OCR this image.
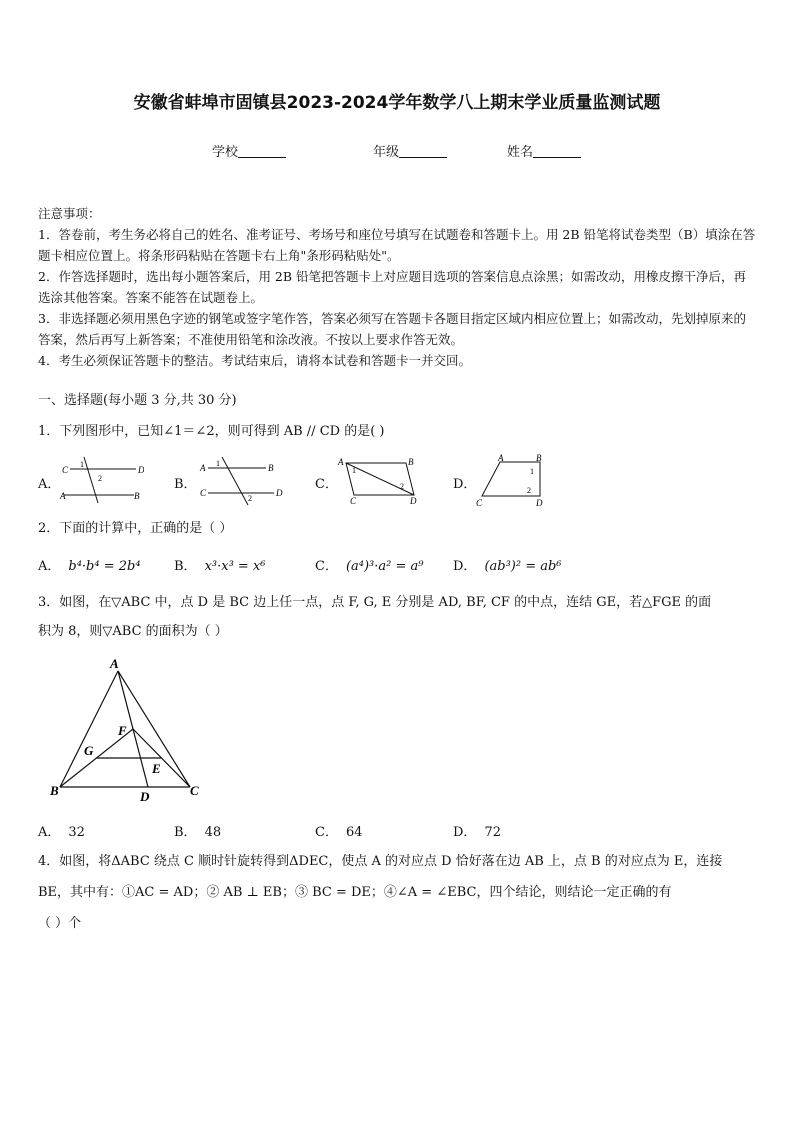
安徽省蚌埠市固镇县2023-2024学年数学八上期末学业质量监测试题
学校	年级	姓名

注意事项：

1．答卷前，考生务必将自己的姓名、准考证号、考场号和座位号填写在试题卷和答题卡上。用 2B 铅笔将试卷类型（B）填涂在答题卡相应位置上。将条形码粘贴在答题卡右上角"条形码粘贴处"。

2．作答选择题时，选出每小题答案后，用 2B 铅笔把答题卡上对应题目选项的答案信息点涂黑；如需改动，用橡皮擦干净后，再选涂其他答案。答案不能答在试题卷上。

3．非选择题必须用黑色字迹的钢笔或签字笔作答，答案必须写在答题卡各题目指定区域内相应位置上；如需改动，先划掉原来的答案，然后再写上新答案；不准使用铅笔和涂改液。不按以上要求作答无效。

4．考生必须保证答题卡的整洁。考试结束后，请将本试卷和答题卡一并交回。

一、选择题(每小题 3 分,共 30 分)
1．下列图形中，已知∠1＝∠2，则可得到 AB // CD 的是( )
A．
C	D
A	B
1
2	B．
A	B
C	D
1
2
C．
A	B
C	D
1
2	D．
A	B
C	D
1
2
2．下面的计算中，正确的是（ ）
A． b⁴·b⁴ = 2b⁴	B． x³·x³ = x⁶	C． (a⁴)³·a² = a⁹ D． (ab³)² = ab⁶
3．如图，在▽ABC 中，点 D 是 BC 边上任一点，点 F, G, E 分别是 AD, BF, CF 的中点，连结 GE，若△FGE 的面
积为 8，则▽ABC 的面积为（ ）
A
B	C
D
F
G
E
A． 32	B． 48	C． 64	D． 72
4．如图，将ΔABC 绕点 C 顺时针旋转得到ΔDEC，使点 A 的对应点 D 恰好落在边 AB 上，点 B 的对应点为 E，连接
BE，其中有：①AC = AD；② AB ⊥ EB；③ BC = DE；④∠A = ∠EBC，四个结论，则结论一定正确的有
（ ）个
